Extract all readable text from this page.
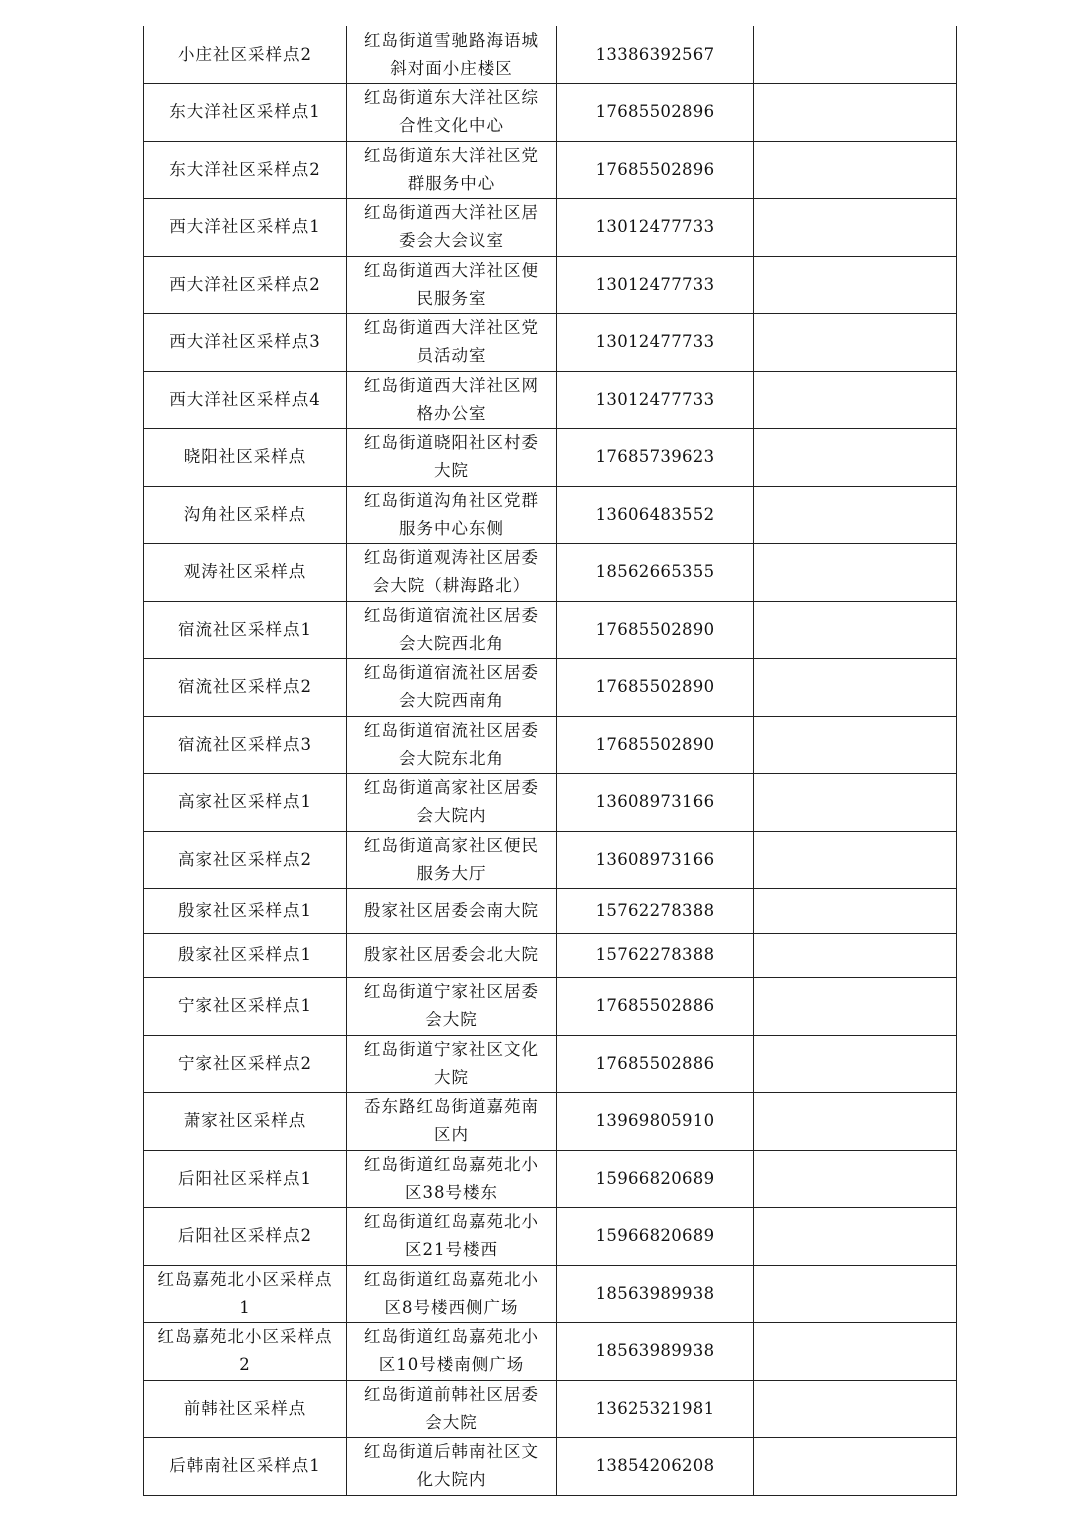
小庄社区采样点2	红岛街道雪驰路海语城斜对面小庄楼区	13386392567	
东大洋社区采样点1	红岛街道东大洋社区综合性文化中心	17685502896	
东大洋社区采样点2	红岛街道东大洋社区党群服务中心	17685502896	
西大洋社区采样点1	红岛街道西大洋社区居委会大会议室	13012477733	
西大洋社区采样点2	红岛街道西大洋社区便民服务室	13012477733	
西大洋社区采样点3	红岛街道西大洋社区党员活动室	13012477733	
西大洋社区采样点4	红岛街道西大洋社区网格办公室	13012477733	
晓阳社区采样点	红岛街道晓阳社区村委大院	17685739623	
沟角社区采样点	红岛街道沟角社区党群服务中心东侧	13606483552	
观涛社区采样点	红岛街道观涛社区居委会大院（耕海路北）	18562665355	
宿流社区采样点1	红岛街道宿流社区居委会大院西北角	17685502890	
宿流社区采样点2	红岛街道宿流社区居委会大院西南角	17685502890	
宿流社区采样点3	红岛街道宿流社区居委会大院东北角	17685502890	
高家社区采样点1	红岛街道高家社区居委会大院内	13608973166	
高家社区采样点2	红岛街道高家社区便民服务大厅	13608973166	
殷家社区采样点1	殷家社区居委会南大院	15762278388	
殷家社区采样点1	殷家社区居委会北大院	15762278388	
宁家社区采样点1	红岛街道宁家社区居委会大院	17685502886	
宁家社区采样点2	红岛街道宁家社区文化大院	17685502886	
萧家社区采样点	岙东路红岛街道嘉苑南区内	13969805910	
后阳社区采样点1	红岛街道红岛嘉苑北小区38号楼东	15966820689	
后阳社区采样点2	红岛街道红岛嘉苑北小区21号楼西	15966820689	
红岛嘉苑北小区采样点1	红岛街道红岛嘉苑北小区8号楼西侧广场	18563989938	
红岛嘉苑北小区采样点2	红岛街道红岛嘉苑北小区10号楼南侧广场	18563989938	
前韩社区采样点	红岛街道前韩社区居委会大院	13625321981	
后韩南社区采样点1	红岛街道后韩南社区文化大院内	13854206208	
